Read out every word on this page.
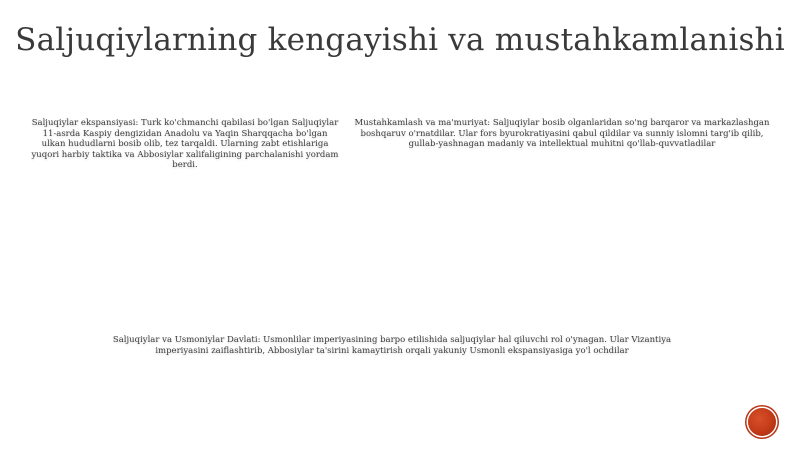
Saljuqiylarning kengayishi va mustahkamlanishi

Saljuqiylar ekspansiyasi: Turk ko'chmanchi qabilasi bo'lgan Saljuqiylar 11-asrda Kaspiy dengizidan Anadolu va Yaqin Sharqqacha bo'lgan ulkan hududlarni bosib olib, tez tarqaldi. Ularning zabt etishlariga yuqori harbiy taktika va Abbosiylar xalifaligining parchalanishi yordam berdi.

Mustahkamlash va ma'muriyat: Saljuqiylar bosib olganlaridan so'ng barqaror va markazlashgan boshqaruv o'rnatdilar. Ular fors byurokratiyasini qabul qildilar va sunniy islomni targ'ib qilib, gullab-yashnagan madaniy va intellektual muhitni qo'llab-quvvatladilar

Saljuqiylar va Usmoniylar Davlati: Usmonlilar imperiyasining barpo etilishida saljuqiylar hal qiluvchi rol o'ynagan. Ular Vizantiya imperiyasini zaiflashtirib, Abbosiylar ta'sirini kamaytirish orqali yakuniy Usmonli ekspansiyasiga yo'l ochdilar
